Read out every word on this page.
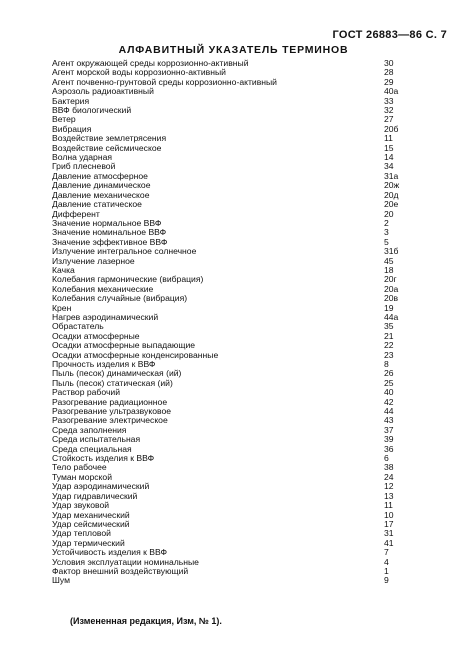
ГОСТ 26883—86 С. 7
АЛФАВИТНЫЙ УКАЗАТЕЛЬ ТЕРМИНОВ
Агент окружающей среды коррозионно-активный	30
Агент морской воды коррозионно-активный	28
Агент почвенно-грунтовой среды коррозионно-активный	29
Аэрозоль радиоактивный	40а
Бактерия	33
ВВФ биологический	32
Ветер	27
Вибрация	20б
Воздействие землетрясения	11
Воздействие сейсмическое	15
Волна ударная	14
Гриб плесневой	34
Давление атмосферное	31а
Давление динамическое	20ж
Давление механическое	20д
Давление статическое	20е
Дифферент	20
Значение нормальное ВВФ	2
Значение номинальное ВВФ	3
Значение эффективное ВВФ	5
Излучение интегральное солнечное	31б
Излучение лазерное	45
Качка	18
Колебания гармонические (вибрация)	20г
Колебания механические	20а
Колебания случайные (вибрация)	20в
Крен	19
Нагрев аэродинамический	44а
Обрастатель	35
Осадки атмосферные	21
Осадки атмосферные выпадающие	22
Осадки атмосферные конденсированные	23
Прочность изделия к ВВФ	8
Пыль (песок) динамическая (ий)	26
Пыль (песок) статическая (ий)	25
Раствор рабочий	40
Разогревание радиационное	42
Разогревание ультразвуковое	44
Разогревание электрическое	43
Среда заполнения	37
Среда испытательная	39
Среда специальная	36
Стойкость изделия к ВВФ	6
Тело рабочее	38
Туман морской	24
Удар аэродинамический	12
Удар гидравлический	13
Удар звуковой	11
Удар механический	10
Удар сейсмический	17
Удар тепловой	31
Удар термический	41
Устойчивость изделия к ВВФ	7
Условия эксплуатации номинальные	4
Фактор внешний воздействующий	1
Шум	9
(Измененная редакция, Изм, № 1).
